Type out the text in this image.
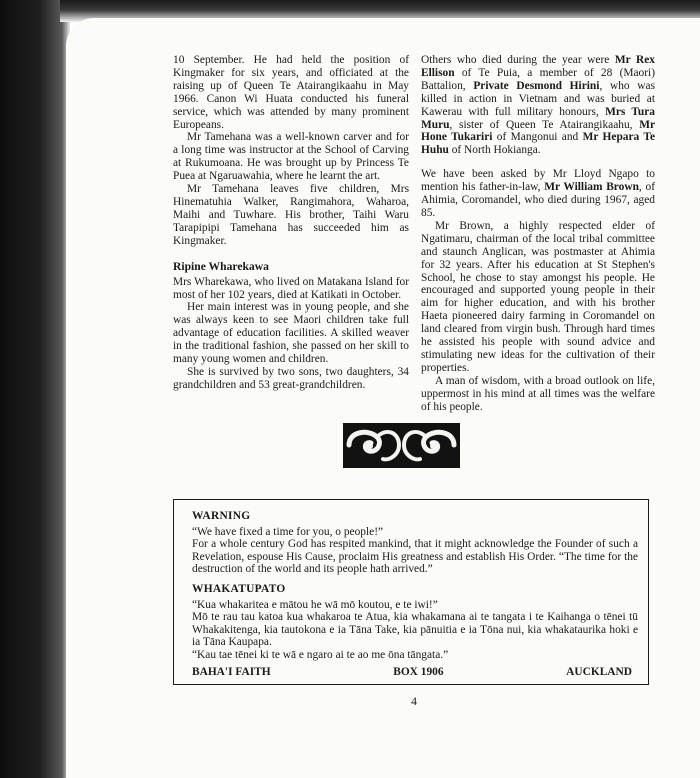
10 September. He had held the position of Kingmaker for six years, and officiated at the raising up of Queen Te Atairangikaahu in May 1966. Canon Wi Huata conducted his funeral service, which was attended by many prominent Europeans.

Mr Tamehana was a well-known carver and for a long time was instructor at the School of Carving at Rukumoana. He was brought up by Princess Te Puea at Ngaruawahia, where he learnt the art.

Mr Tamehana leaves five children, Mrs Hinematuhia Walker, Rangimahora, Waharoa, Maihi and Tuwhare. His brother, Taihi Waru Tarapipipi Tamehana has succeeded him as Kingmaker.

Ripine Wharekawa

Mrs Wharekawa, who lived on Matakana Island for most of her 102 years, died at Katikati in October.

Her main interest was in young people, and she was always keen to see Maori children take full advantage of education facilities. A skilled weaver in the traditional fashion, she passed on her skill to many young women and children.

She is survived by two sons, two daughters, 34 grandchildren and 53 great-grandchildren.

Others who died during the year were Mr Rex Ellison of Te Puia, a member of 28 (Maori) Battalion, Private Desmond Hirini, who was killed in action in Vietnam and was buried at Kawerau with full military honours, Mrs Tura Muru, sister of Queen Te Atairangikaahu, Mr Hone Tukariri of Mangonui and Mr Hepara Te Huhu of North Hokianga.

We have been asked by Mr Lloyd Ngapo to mention his father-in-law, Mr William Brown, of Ahimia, Coromandel, who died during 1967, aged 85.

Mr Brown, a highly respected elder of Ngatimaru, chairman of the local tribal committee and staunch Anglican, was postmaster at Ahimia for 32 years. After his education at St Stephen's School, he chose to stay amongst his people. He encouraged and supported young people in their aim for higher education, and with his brother Haeta pioneered dairy farming in Coromandel on land cleared from virgin bush. Through hard times he assisted his people with sound advice and stimulating new ideas for the cultivation of their properties.

A man of wisdom, with a broad outlook on life, uppermost in his mind at all times was the welfare of his people.

WARNING
“We have fixed a time for you, o people!”
For a whole century God has respited mankind, that it might acknowledge the Founder of such a Revelation, espouse His Cause, proclaim His greatness and establish His Order. “The time for the destruction of the world and its people hath arrived.”
WHAKATUPATO
“Kua whakaritea e mātou he wā mō koutou, e te iwi!”
Mō te rau tau katoa kua whakaroa te Atua, kia whakamana ai te tangata i te Kaihanga o tēnei tū Whakakitenga, kia tautokona e ia Tāna Take, kia pānuitia e ia Tōna nui, kia whakataurika hoki e ia Tāna Kaupapa.
“Kau tae tēnei ki te wā e ngaro ai te ao me ōna tāngata.”
BAHA'I FAITH	BOX 1906	AUCKLAND
4
